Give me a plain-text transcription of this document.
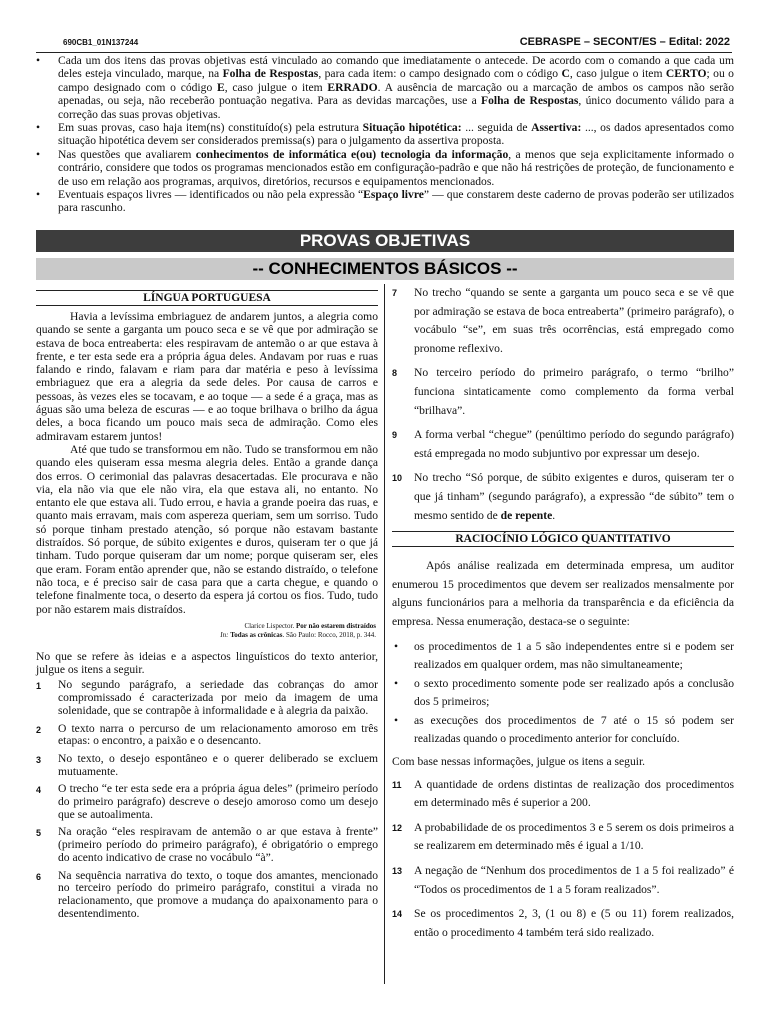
690CB1_01N137244	CEBRASPE – SECONT/ES – Edital: 2022
• Cada um dos itens das provas objetivas está vinculado ao comando que imediatamente o antecede. De acordo com o comando a que cada um deles esteja vinculado, marque, na Folha de Respostas, para cada item: o campo designado com o código C, caso julgue o item CERTO; ou o campo designado com o código E, caso julgue o item ERRADO. A ausência de marcação ou a marcação de ambos os campos não serão apenadas, ou seja, não receberão pontuação negativa. Para as devidas marcações, use a Folha de Respostas, único documento válido para a correção das suas provas objetivas.
• Em suas provas, caso haja item(ns) constituído(s) pela estrutura Situação hipotética: ... seguida de Assertiva: ..., os dados apresentados como situação hipotética devem ser considerados premissa(s) para o julgamento da assertiva proposta.
• Nas questões que avaliarem conhecimentos de informática e(ou) tecnologia da informação, a menos que seja explicitamente informado o contrário, considere que todos os programas mencionados estão em configuração-padrão e que não há restrições de proteção, de funcionamento e de uso em relação aos programas, arquivos, diretórios, recursos e equipamentos mencionados.
• Eventuais espaços livres — identificados ou não pela expressão “Espaço livre” — que constarem deste caderno de provas poderão ser utilizados para rascunho.
PROVAS OBJETIVAS
-- CONHECIMENTOS BÁSICOS --
LÍNGUA PORTUGUESA

Havia a levíssima embriaguez de andarem juntos, a alegria como quando se sente a garganta um pouco seca e se vê que por admiração se estava de boca entreaberta: eles respiravam de antemão o ar que estava à frente, e ter esta sede era a própria água deles. Andavam por ruas e ruas falando e rindo, falavam e riam para dar matéria e peso à levíssima embriaguez que era a alegria da sede deles. Por causa de carros e pessoas, às vezes eles se tocavam, e ao toque — a sede é a graça, mas as águas são uma beleza de escuras — e ao toque brilhava o brilho da água deles, a boca ficando um pouco mais seca de admiração. Como eles admiravam estarem juntos!

Até que tudo se transformou em não. Tudo se transformou em não quando eles quiseram essa mesma alegria deles. Então a grande dança dos erros. O cerimonial das palavras desacertadas. Ele procurava e não via, ela não via que ele não vira, ela que estava ali, no entanto. No entanto ele que estava ali. Tudo errou, e havia a grande poeira das ruas, e quanto mais erravam, mais com aspereza queriam, sem um sorriso. Tudo só porque tinham prestado atenção, só porque não estavam bastante distraídos. Só porque, de súbito exigentes e duros, quiseram ter o que já tinham. Tudo porque quiseram dar um nome; porque quiseram ser, eles que eram. Foram então aprender que, não se estando distraído, o telefone não toca, e é preciso sair de casa para que a carta chegue, e quando o telefone finalmente toca, o deserto da espera já cortou os fios. Tudo, tudo por não estarem mais distraídos.

Clarice Lispector. Por não estarem distraídos
In: Todas as crônicas. São Paulo: Rocco, 2018, p. 344.

No que se refere às ideias e a aspectos linguísticos do texto anterior, julgue os itens a seguir.

1 No segundo parágrafo, a seriedade das cobranças do amor compromissado é caracterizada por meio da imagem de uma solenidade, que se contrapõe à informalidade e à alegria da paixão.
2 O texto narra o percurso de um relacionamento amoroso em três etapas: o encontro, a paixão e o desencanto.
3 No texto, o desejo espontâneo e o querer deliberado se excluem mutuamente.
4 O trecho “e ter esta sede era a própria água deles” (primeiro período do primeiro parágrafo) descreve o desejo amoroso como um desejo que se autoalimenta.
5 Na oração “eles respiravam de antemão o ar que estava à frente” (primeiro período do primeiro parágrafo), é obrigatório o emprego do acento indicativo de crase no vocábulo “à”.
6 Na sequência narrativa do texto, o toque dos amantes, mencionado no terceiro período do primeiro parágrafo, constitui a virada no relacionamento, que promove a mudança do apaixonamento para o desentendimento.
7 No trecho “quando se sente a garganta um pouco seca e se vê que por admiração se estava de boca entreaberta” (primeiro parágrafo), o vocábulo “se”, em suas três ocorrências, está empregado como pronome reflexivo.
8 No terceiro período do primeiro parágrafo, o termo “brilho” funciona sintaticamente como complemento da forma verbal “brilhava”.
9 A forma verbal “chegue” (penúltimo período do segundo parágrafo) está empregada no modo subjuntivo por expressar um desejo.
10 No trecho “Só porque, de súbito exigentes e duros, quiseram ter o que já tinham” (segundo parágrafo), a expressão “de súbito” tem o mesmo sentido de de repente.
RACIOCÍNIO LÓGICO QUANTITATIVO

Após análise realizada em determinada empresa, um auditor enumerou 15 procedimentos que devem ser realizados mensalmente por alguns funcionários para a melhoria da transparência e da eficiência da empresa. Nessa enumeração, destaca-se o seguinte:

• os procedimentos de 1 a 5 são independentes entre si e podem ser realizados em qualquer ordem, mas não simultaneamente;
• o sexto procedimento somente pode ser realizado após a conclusão dos 5 primeiros;
• as execuções dos procedimentos de 7 até o 15 só podem ser realizadas quando o procedimento anterior for concluído.

Com base nessas informações, julgue os itens a seguir.

11 A quantidade de ordens distintas de realização dos procedimentos em determinado mês é superior a 200.
12 A probabilidade de os procedimentos 3 e 5 serem os dois primeiros a se realizarem em determinado mês é igual a 1/10.
13 A negação de “Nenhum dos procedimentos de 1 a 5 foi realizado” é “Todos os procedimentos de 1 a 5 foram realizados”.
14 Se os procedimentos 2, 3, (1 ou 8) e (5 ou 11) forem realizados, então o procedimento 4 também terá sido realizado.
